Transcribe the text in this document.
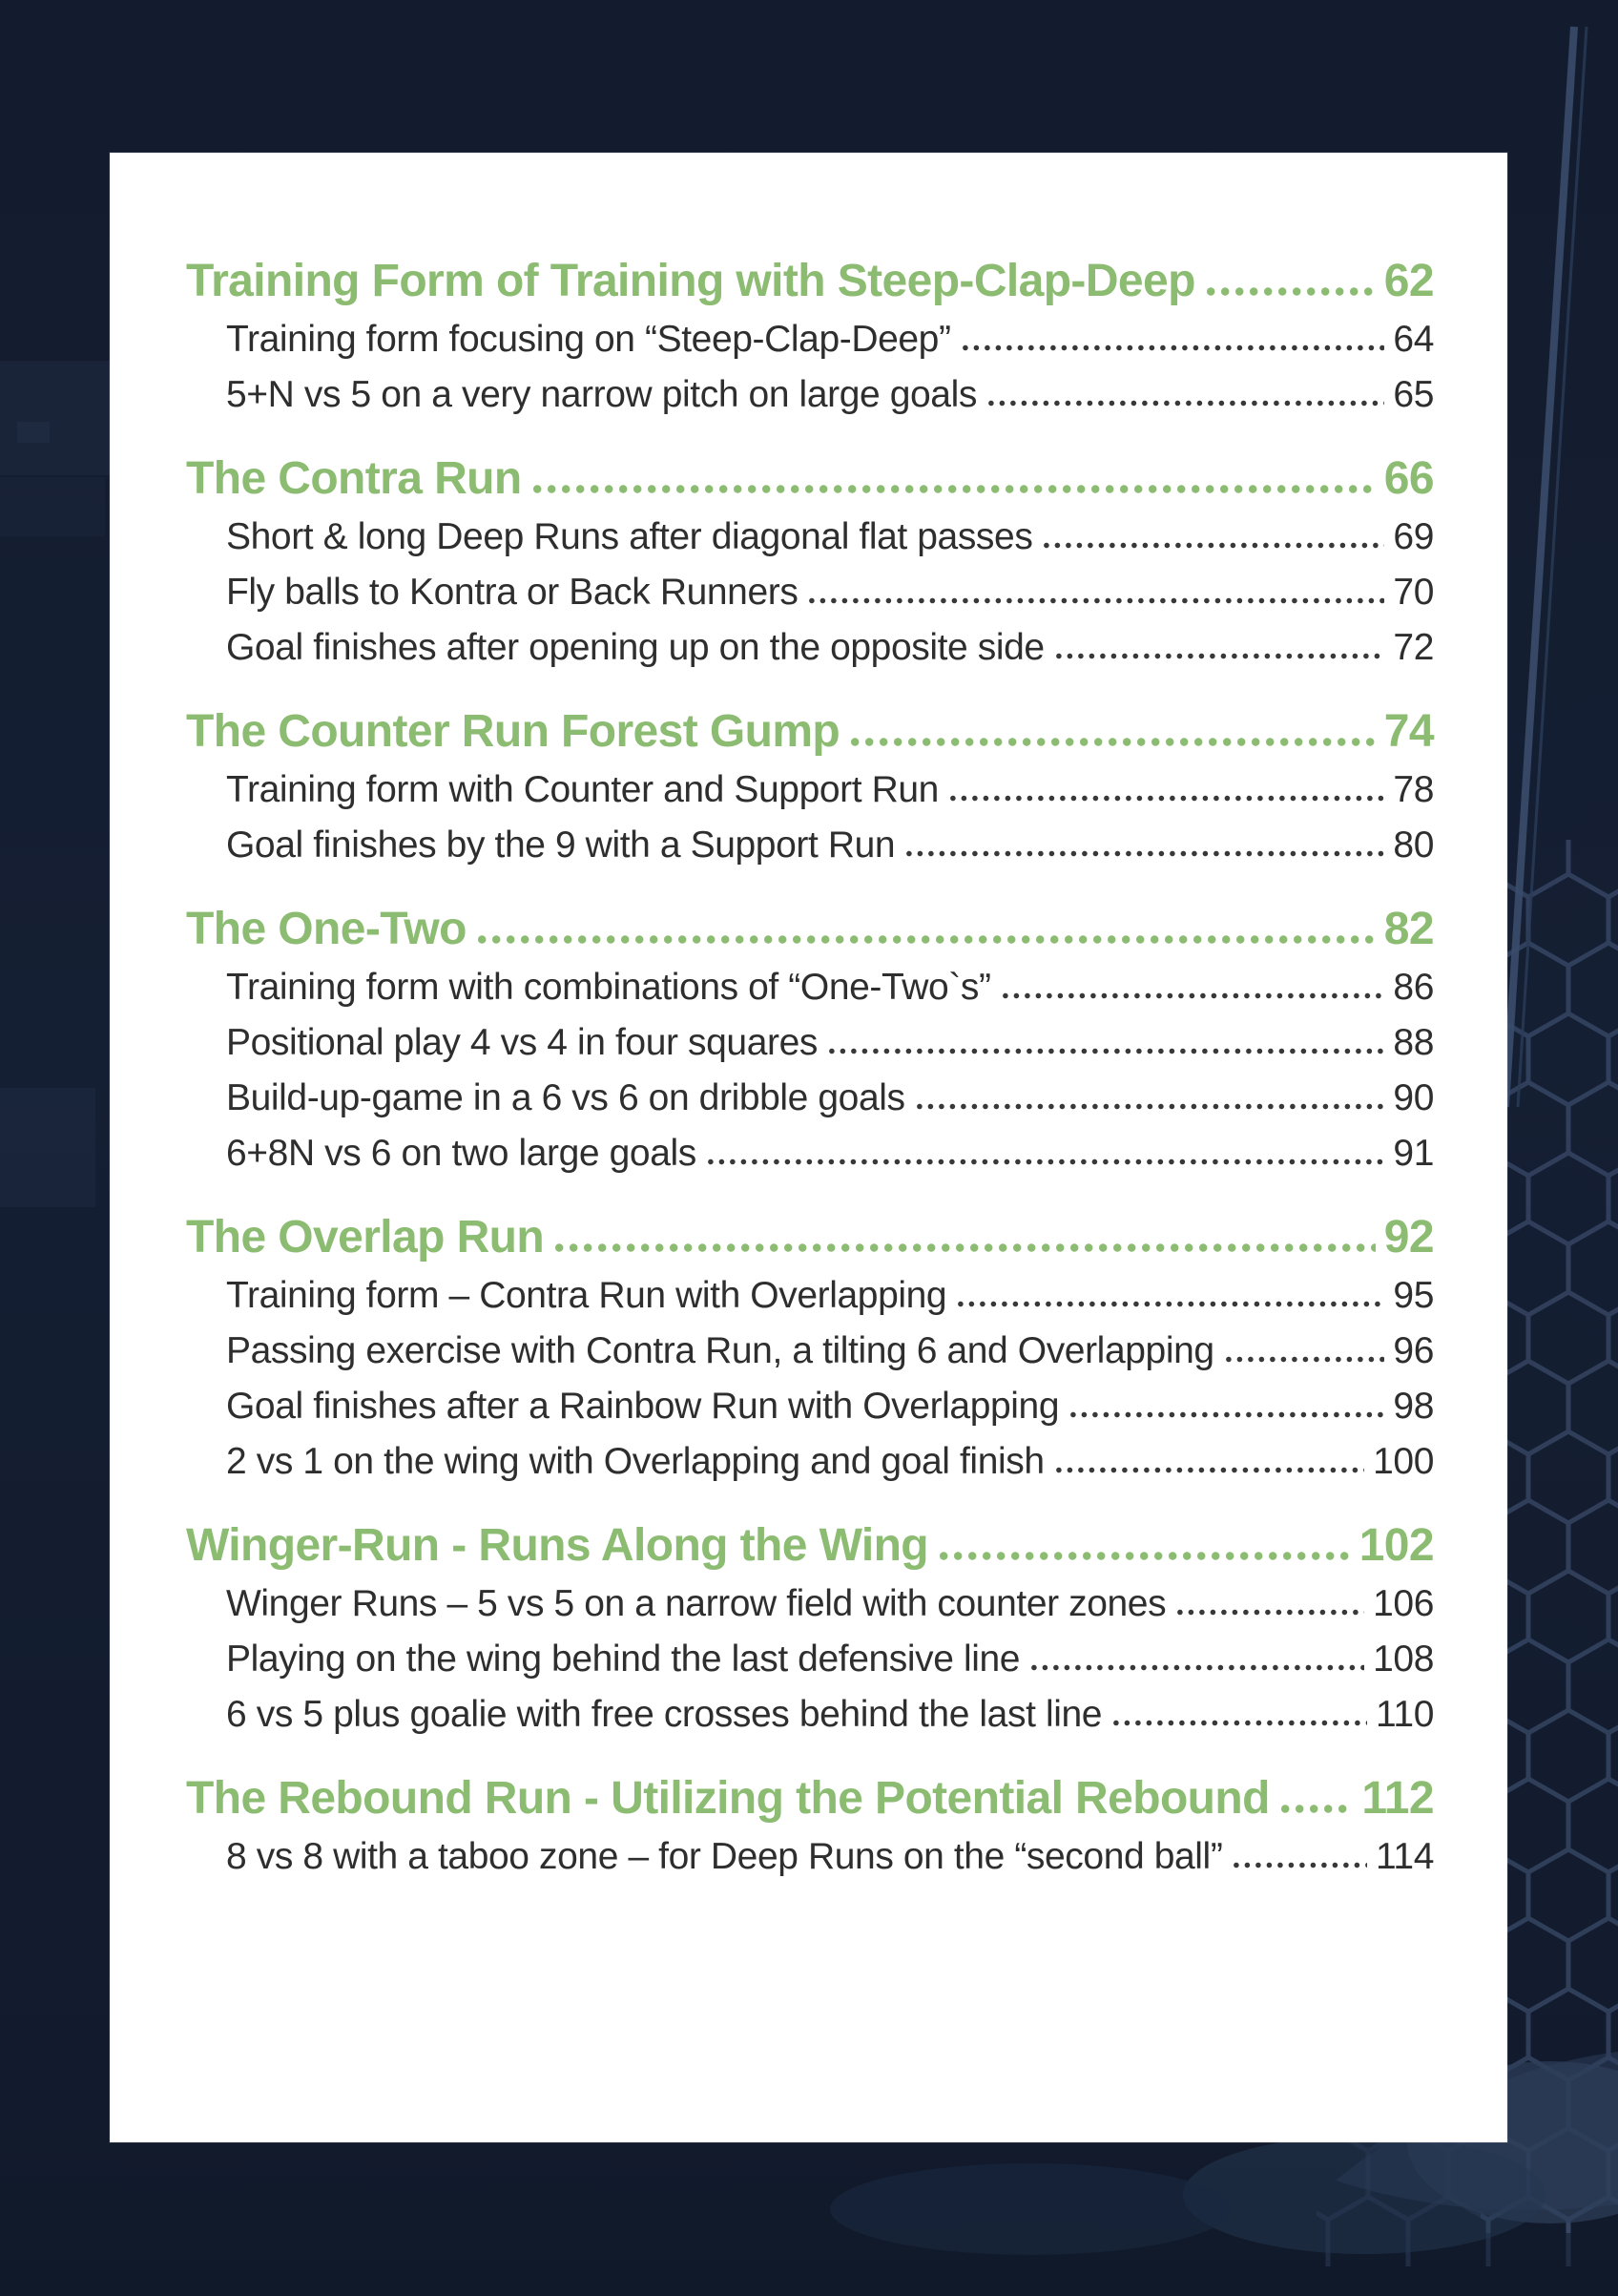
Training Form of Training with Steep-Clap-Deep	62
Training form focusing on “Steep-Clap-Deep”	64
5+N vs 5 on a very narrow pitch on large goals	65
The Contra Run	66
Short & long Deep Runs after diagonal flat passes	69
Fly balls to Kontra or Back Runners	70
Goal finishes after opening up on the opposite side	72
The Counter Run Forest Gump	74
Training form with Counter and Support Run	78
Goal finishes by the 9 with a Support Run	80
The One-Two	82
Training form with combinations of “One-Two`s”	86
Positional play 4 vs 4 in four squares	88
Build-up-game in a 6 vs 6 on dribble goals	90
6+8N vs 6 on two large goals	91
The Overlap Run	92
Training form – Contra Run with Overlapping	95
Passing exercise with Contra Run, a tilting 6 and Overlapping	96
Goal finishes after a Rainbow Run with Overlapping	98
2 vs 1 on the wing with Overlapping and goal finish	100
Winger-Run - Runs Along the Wing	102
Winger Runs – 5 vs 5 on a narrow field with counter zones	106
Playing on the wing behind the last defensive line	108
6 vs 5 plus goalie with free crosses behind the last line	110
The Rebound Run - Utilizing the Potential Rebound 112
8 vs 8 with a taboo zone – for Deep Runs on the “second ball”	114
